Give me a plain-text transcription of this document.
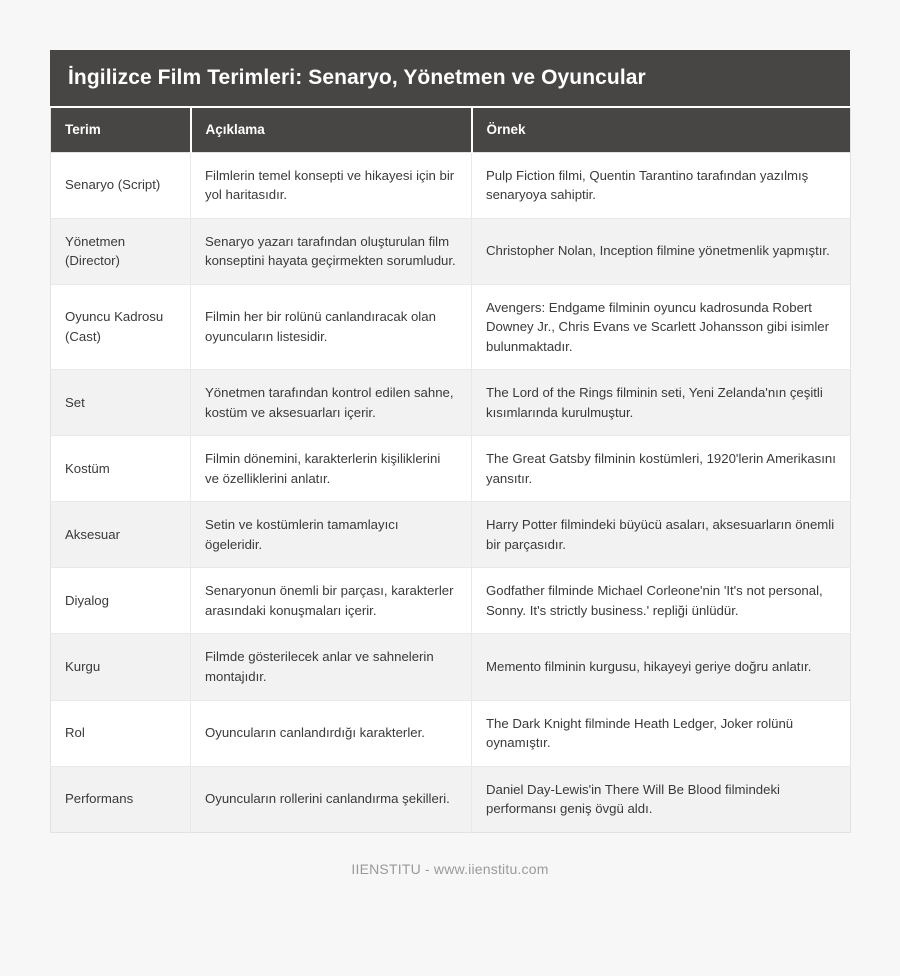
İngilizce Film Terimleri: Senaryo, Yönetmen ve Oyuncular
Terim	Açıklama	Örnek
Senaryo (Script)	Filmlerin temel konsepti ve hikayesi için bir yol haritasıdır.	Pulp Fiction filmi, Quentin Tarantino tarafından yazılmış senaryoya sahiptir.
Yönetmen (Director)	Senaryo yazarı tarafından oluşturulan film konseptini hayata geçirmekten sorumludur.	Christopher Nolan, Inception filmine yönetmenlik yapmıştır.
Oyuncu Kadrosu (Cast)	Filmin her bir rolünü canlandıracak olan oyuncuların listesidir.	Avengers: Endgame filminin oyuncu kadrosunda Robert Downey Jr., Chris Evans ve Scarlett Johansson gibi isimler bulunmaktadır.
Set	Yönetmen tarafından kontrol edilen sahne, kostüm ve aksesuarları içerir.	The Lord of the Rings filminin seti, Yeni Zelanda'nın çeşitli kısımlarında kurulmuştur.
Kostüm	Filmin dönemini, karakterlerin kişiliklerini ve özelliklerini anlatır.	The Great Gatsby filminin kostümleri, 1920'lerin Amerikasını yansıtır.
Aksesuar	Setin ve kostümlerin tamamlayıcı ögeleridir.	Harry Potter filmindeki büyücü asaları, aksesuarların önemli bir parçasıdır.
Diyalog	Senaryonun önemli bir parçası, karakterler arasındaki konuşmaları içerir.	Godfather filminde Michael Corleone'nin 'It's not personal, Sonny. It's strictly business.' repliği ünlüdür.
Kurgu	Filmde gösterilecek anlar ve sahnelerin montajıdır.	Memento filminin kurgusu, hikayeyi geriye doğru anlatır.
Rol	Oyuncuların canlandırdığı karakterler.	The Dark Knight filminde Heath Ledger, Joker rolünü oynamıştır.
Performans	Oyuncuların rollerini canlandırma şekilleri.	Daniel Day-Lewis'in There Will Be Blood filmindeki performansı geniş övgü aldı.
IIENSTITU - www.iienstitu.com
